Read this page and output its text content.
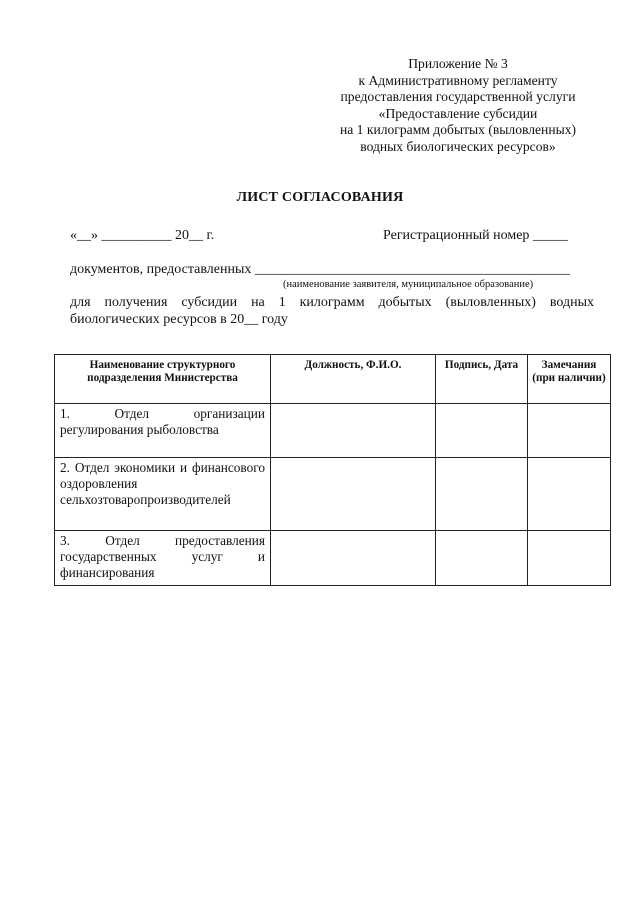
Приложение № 3
к Административному регламенту
предоставления государственной услуги
«Предоставление субсидии
на 1 килограмм добытых (выловленных)
водных биологических ресурсов»
ЛИСТ СОГЛАСОВАНИЯ
«__» __________ 20__ г.	Регистрационный номер _____
документов, предоставленных _____________________________________________
(наименование заявителя, муниципальное образование)
для получения субсидии на 1 килограмм добытых (выловленных) водных биологических ресурсов в 20__ году
Наименование структурного подразделения Министерства	Должность, Ф.И.О.	Подпись, Дата	Замечания (при наличии)
1. Отдел организации регулирования рыболовства			
2. Отдел экономики и финансового оздоровления сельхозтоваропроизводителей			
3. Отдел предоставления государственных услуг и финансирования			
